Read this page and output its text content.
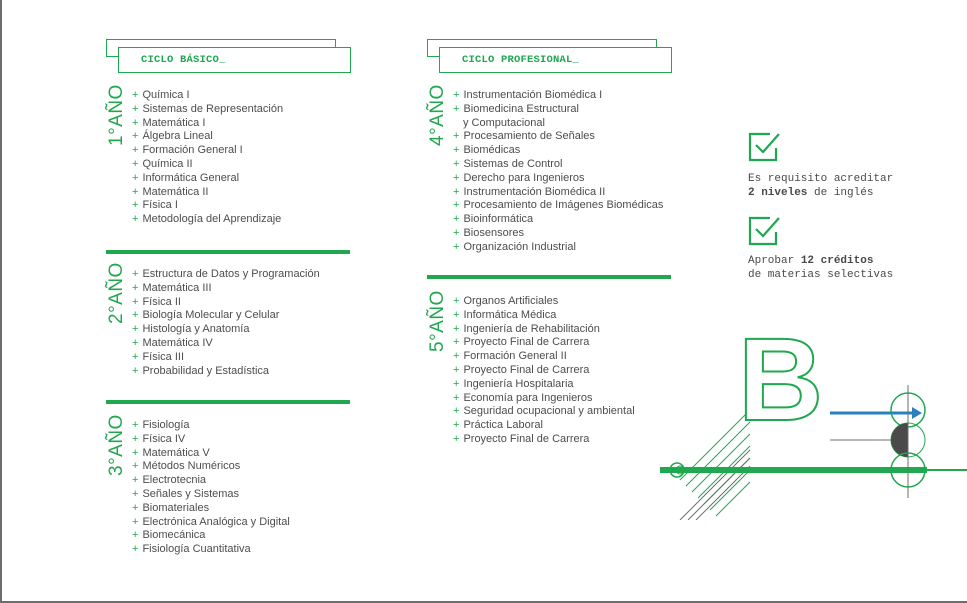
CICLO BÁSICO_	CICLO PROFESIONAL_
1°AÑO + Química I
+ Sistemas de Representación
+ Matemática I
+ Álgebra Lineal
+ Formación General I
+ Química II
+ Informática General
+ Matemática II
+ Física I
+ Metodología del Aprendizaje
2°AÑO + Estructura de Datos y Programación
+ Matemática III
+ Física II
+ Biología Molecular y Celular
+ Histología y Anatomía
+ Matemática IV
+ Física III
+ Probabilidad y Estadística
3°AÑO + Fisiología
+ Física IV
+ Matemática V
+ Métodos Numéricos
+ Electrotecnia
+ Señales y Sistemas
+ Biomateriales
+ Electrónica Analógica y Digital
+ Biomecánica
+ Fisiología Cuantitativa
4°AÑO + Instrumentación Biomédica I
+ Biomedicina Estructural
y Computacional
+ Procesamiento de Señales
+ Biomédicas
+ Sistemas de Control
+ Derecho para Ingenieros
+ Instrumentación Biomédica II
+ Procesamiento de Imágenes Biomédicas
+ Bioinformática
+ Biosensores
+ Organización Industrial
5°AÑO + Organos Artificiales
+ Informática Médica
+ Ingeniería de Rehabilitación
+ Proyecto Final de Carrera
+ Formación General II
+ Proyecto Final de Carrera
+ Ingeniería Hospitalaria
+ Economía para Ingenieros
+ Seguridad ocupacional y ambiental
+ Práctica Laboral
+ Proyecto Final de Carrera
Es requisito acreditar
2 niveles de inglés
Aprobar 12 créditos
de materias selectivas
B
